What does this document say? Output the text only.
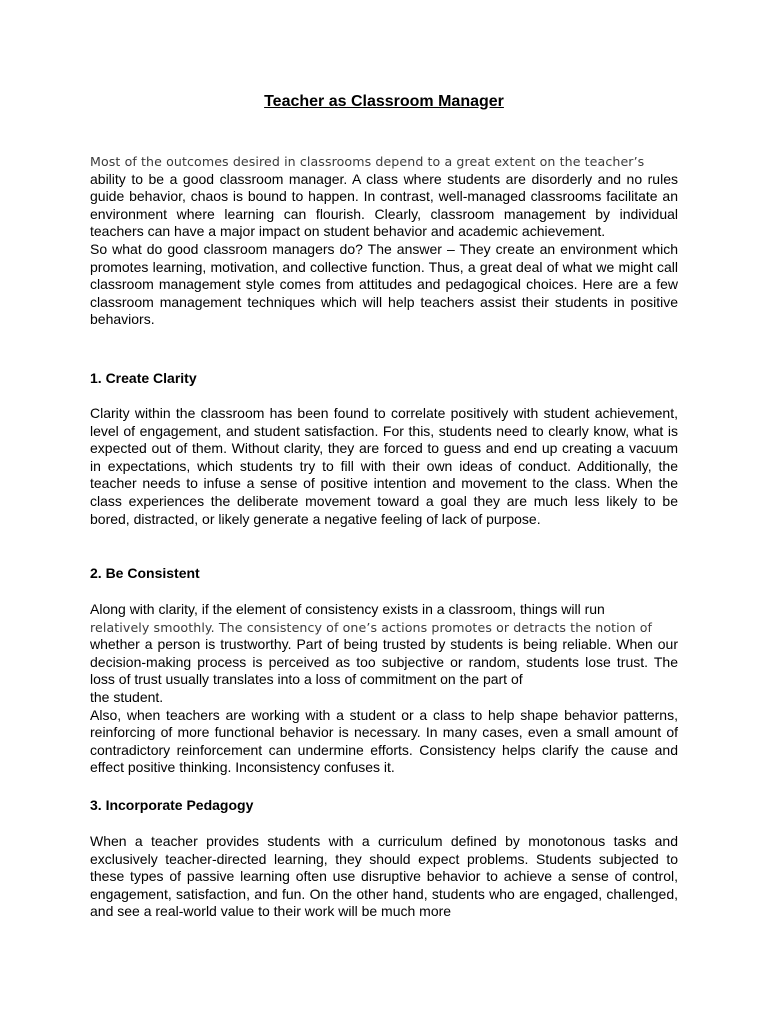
Teacher as Classroom Manager
Most of the outcomes desired in classrooms depend to a great extent on the teacher’s
ability to be a good classroom manager. A class where students are disorderly and no rules guide behavior, chaos is bound to happen. In contrast, well-managed classrooms facilitate an environment where learning can flourish. Clearly, classroom management by individual teachers can have a major impact on student behavior and academic achievement.
So what do good classroom managers do? The answer – They create an environment which promotes learning, motivation, and collective function. Thus, a great deal of what we might call classroom management style comes from attitudes and pedagogical choices. Here are a few classroom management techniques which will help teachers assist their students in positive behaviors.
1. Create Clarity

Clarity within the classroom has been found to correlate positively with student achievement, level of engagement, and student satisfaction. For this, students need to clearly know, what is expected out of them. Without clarity, they are forced to guess and end up creating a vacuum in expectations, which students try to fill with their own ideas of conduct. Additionally, the teacher needs to infuse a sense of positive intention and movement to the class. When the class experiences the deliberate movement toward a goal they are much less likely to be bored, distracted, or likely generate a negative feeling of lack of purpose.

2. Be Consistent
Along with clarity, if the element of consistency exists in a classroom, things will run
relatively smoothly. The consistency of one’s actions promotes or detracts the notion of
whether a person is trustworthy. Part of being trusted by students is being reliable. When our decision-making process is perceived as too subjective or random, students lose trust. The loss of trust usually translates into a loss of commitment on the part of
the student.
Also, when teachers are working with a student or a class to help shape behavior patterns, reinforcing of more functional behavior is necessary. In many cases, even a small amount of contradictory reinforcement can undermine efforts. Consistency helps clarify the cause and effect positive thinking. Inconsistency confuses it.
3. Incorporate Pedagogy

When a teacher provides students with a curriculum defined by monotonous tasks and exclusively teacher-directed learning, they should expect problems. Students subjected to these types of passive learning often use disruptive behavior to achieve a sense of control, engagement, satisfaction, and fun. On the other hand, students who are engaged, challenged, and see a real-world value to their work will be much more
